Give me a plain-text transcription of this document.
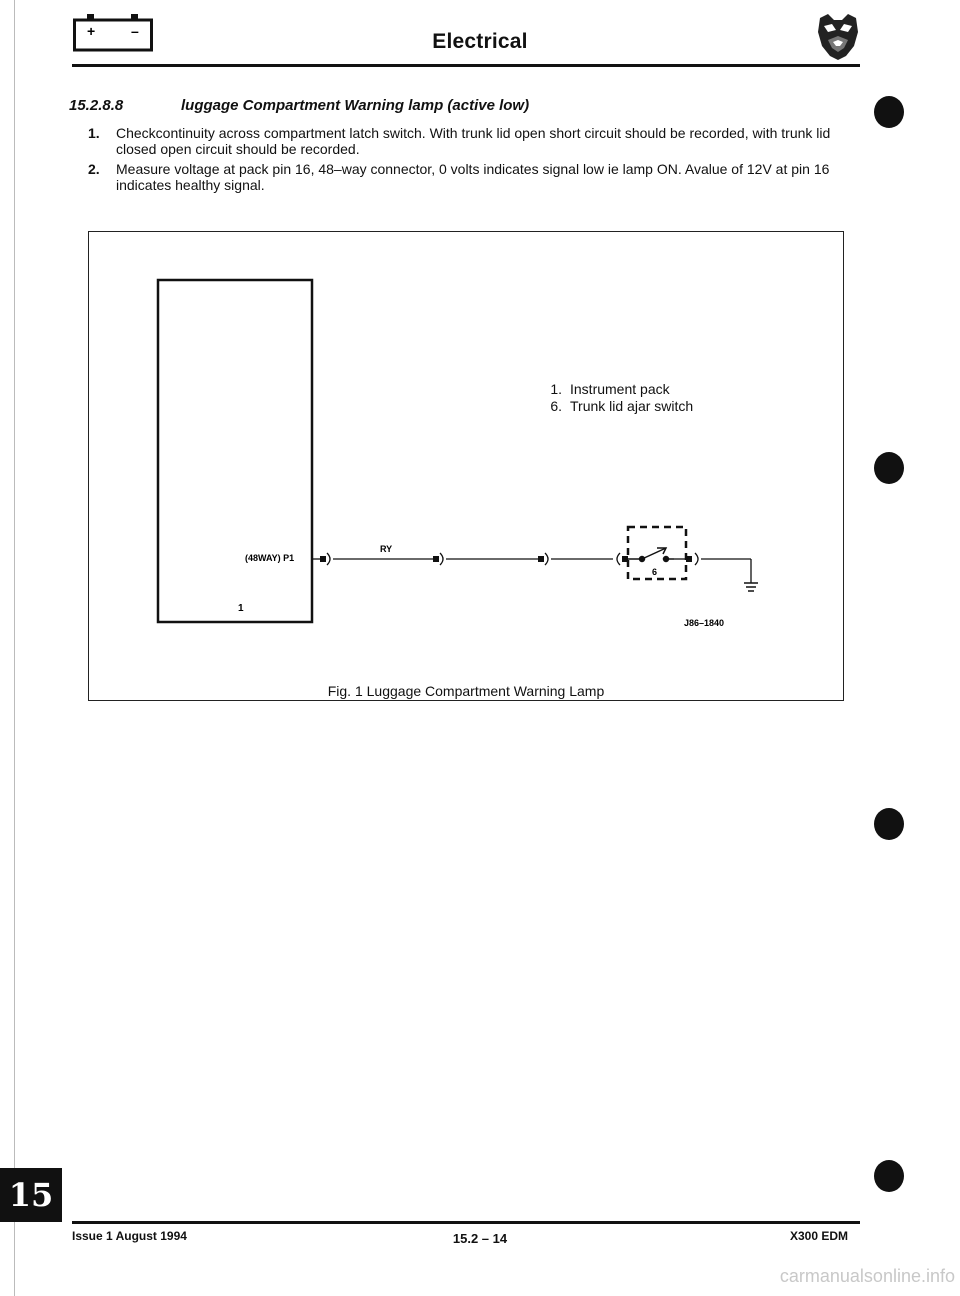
+	–	Electrical
15.2.8.8	luggage Compartment Warning lamp (active low)
1. Checkcontinuity across compartment latch switch. With trunk lid open short circuit should be recorded, with trunk lid closed open circuit should be recorded.
2. Measure voltage at pack pin 16, 48–way connector, 0 volts indicates signal low ie lamp ON. Avalue of 12V at pin 16 indicates healthy signal.
(48WAY) P1
1
RY
6
J86–1840
1. Instrument pack
6. Trunk lid ajar switch
Fig. 1 Luggage Compartment Warning Lamp
15
Issue 1 August 1994	15.2 – 14	X300 EDM
carmanualsonline.info
